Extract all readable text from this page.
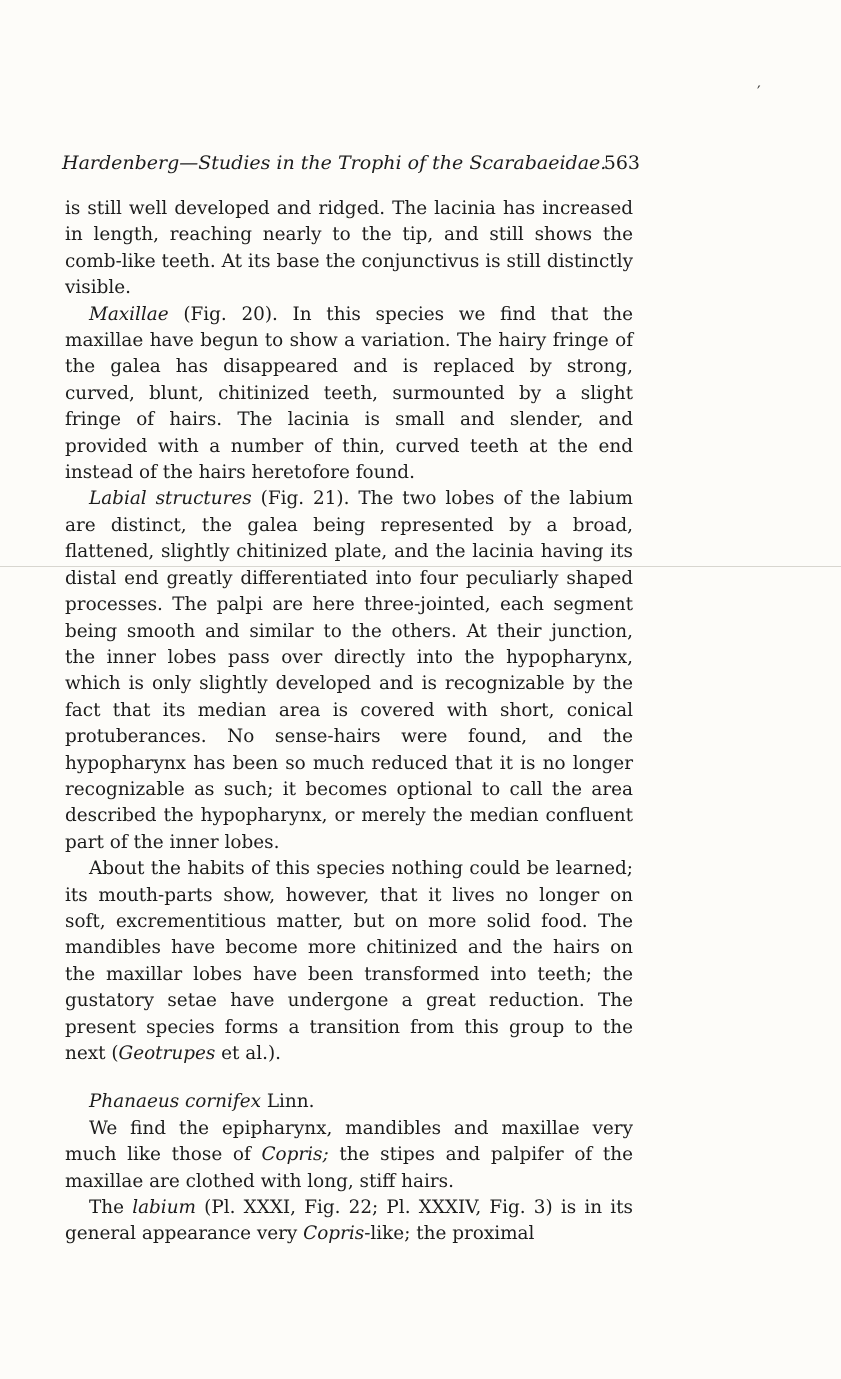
′
Hardenberg—Studies in the Trophi of the Scarabaeidae.
563

is still well developed and ridged. The lacinia has increased in length, reaching nearly to the tip, and still shows the comb-like teeth. At its base the conjunctivus is still distinctly visible.

Maxillae (Fig. 20). In this species we find that the maxillae have begun to show a variation. The hairy fringe of the galea has disappeared and is replaced by strong, curved, blunt, chitinized teeth, surmounted by a slight fringe of hairs. The lacinia is small and slender, and provided with a number of thin, curved teeth at the end instead of the hairs heretofore found.

Labial structures (Fig. 21). The two lobes of the labium are distinct, the galea being represented by a broad, flattened, slightly chitinized plate, and the lacinia having its distal end greatly differentiated into four peculiarly shaped processes. The palpi are here three-jointed, each segment being smooth and similar to the others. At their junction, the inner lobes pass over directly into the hypopharynx, which is only slightly developed and is recognizable by the fact that its median area is covered with short, conical protuberances. No sense-hairs were found, and the hypopharynx has been so much reduced that it is no longer recognizable as such; it becomes optional to call the area described the hypopharynx, or merely the median confluent part of the inner lobes.

About the habits of this species nothing could be learned; its mouth-parts show, however, that it lives no longer on soft, excrementitious matter, but on more solid food. The mandibles have become more chitinized and the hairs on the maxillar lobes have been transformed into teeth; the gustatory setae have undergone a great reduction. The present species forms a transition from this group to the next (Geotrupes et al.).

Phanaeus cornifex Linn.

We find the epipharynx, mandibles and maxillae very much like those of Copris; the stipes and palpifer of the maxillae are clothed with long, stiff hairs.

The labium (Pl. XXXI, Fig. 22; Pl. XXXIV, Fig. 3) is in its general appearance very Copris-like; the proximal
